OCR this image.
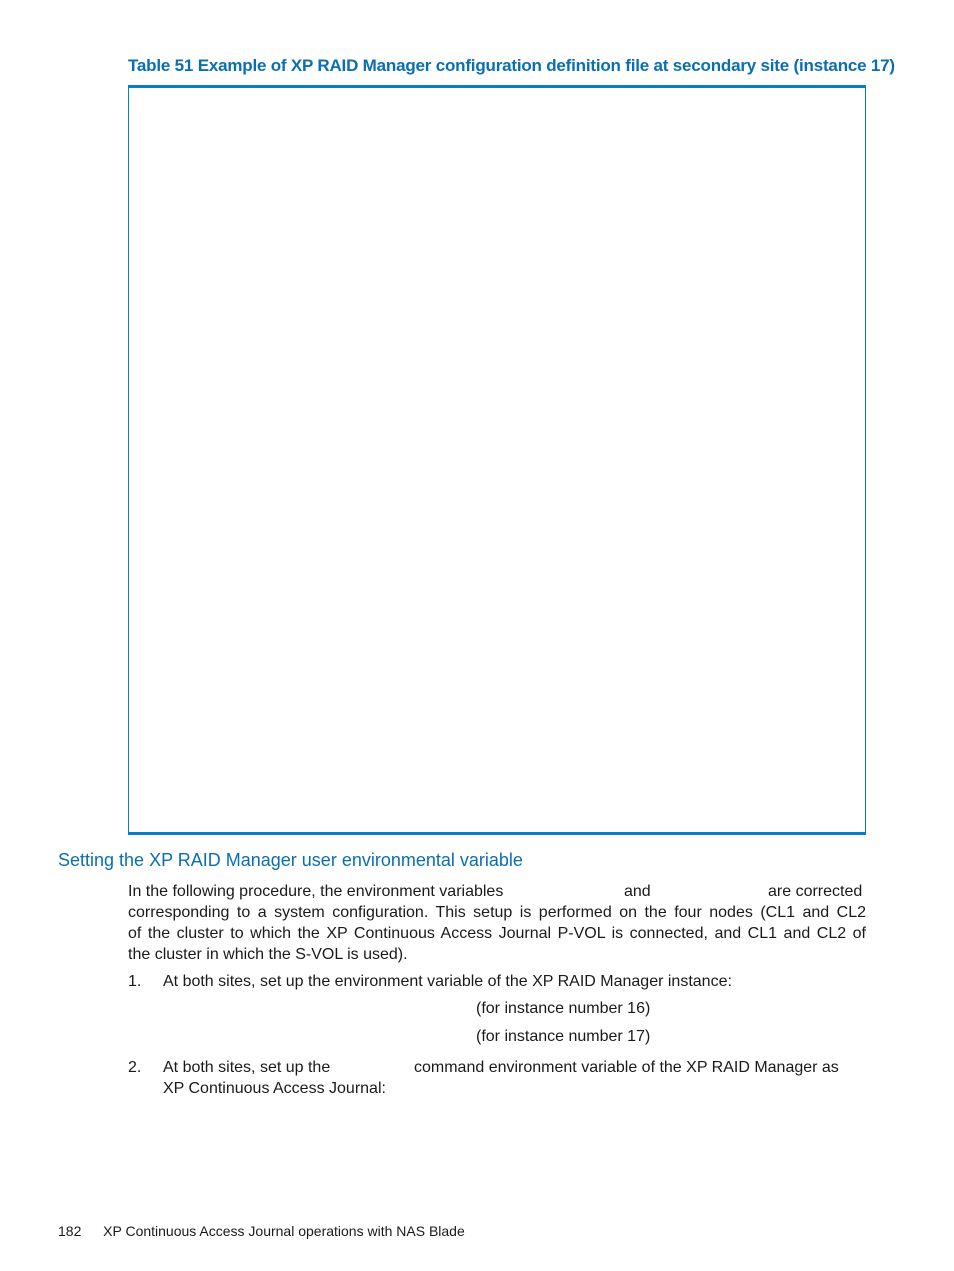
Table 51 Example of XP RAID Manager configuration definition file at secondary site (instance 17)
Setting the XP RAID Manager user environmental variable
In the following procedure, the environment variables	and	are corrected
corresponding to a system configuration. This setup is performed on the four nodes (CL1 and CL2
of the cluster to which the XP Continuous Access Journal P-VOL is connected, and CL1 and CL2 of
the cluster in which the S-VOL is used).
1. At both sites, set up the environment variable of the XP RAID Manager instance:
(for instance number 16)
(for instance number 17)
2. At both sites, set up the	command environment variable of the XP RAID Manager as
XP Continuous Access Journal:
182 XP Continuous Access Journal operations with NAS Blade
